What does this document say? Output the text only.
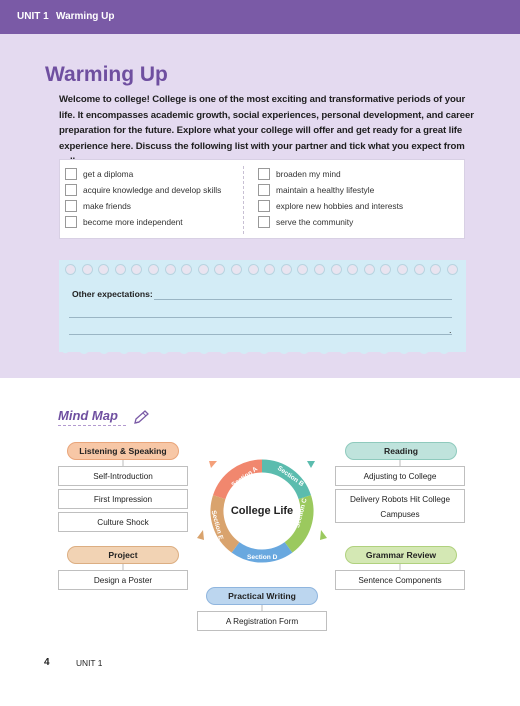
UNIT 1 Warming Up
Warming Up
Welcome to college! College is one of the most exciting and transformative periods of your life. It encompasses academic growth, social experiences, personal development, and career preparation for the future. Explore what your college will offer and get ready for a great life experience here. Discuss the following list with your partner and tick what you expect from
get a diploma
acquire knowledge and develop skills
make friends
become more independent
broaden my mind
maintain a healthy lifestyle
explore new hobbies and interests
serve the community
Other expectations:
.
Mind Map
Listening & Speaking
Self-Introduction
First Impression
Culture Shock
Reading
Adjusting to College
Delivery Robots Hit College Campuses
Project
Design a Poster
Grammar Review
Sentence Components
Practical Writing
A Registration Form
Section A	Section B
Section C
Section D
Section E College Life
4	UNIT 1
